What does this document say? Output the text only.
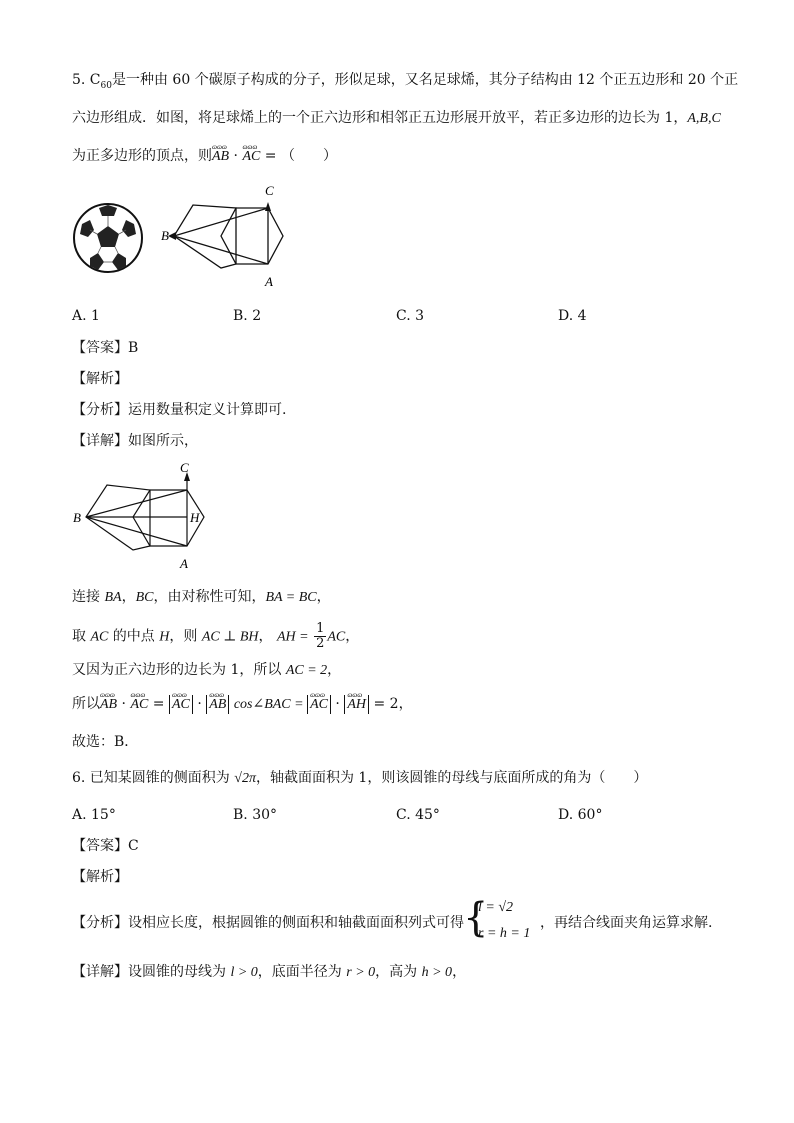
5. $C_{60}$是一种由 60 个碳原子构成的分子，形似足球，又名足球烯，其分子结构由 12 个正五边形和 20 个正
六边形组成．如图，将足球烯上的一个正六边形和相邻正五边形展开放平，若正多边形的边长为 1，A,B,C
为正多边形的顶点，则ɷɷɷ AB · ɷɷɷ AC = （　　）
B
C
A
A. 1	B. 2	C. 3	D. 4
【答案】B
【解析】
【分析】运用数量积定义计算即可.
【详解】如图所示，
B
C
A
H
连接 BA，BC，由对称性可知，BA = BC，
取 AC 的中点 H，则 AC ⊥ BH， AH = $\frac{1}{2}$ AC，
又因为正六边形的边长为 1，所以 AC = 2，
所以ɷɷɷ AB · ɷɷɷ AC = ɷɷɷ AC · ɷɷɷ AB cos∠BAC = ɷɷɷ AC · ɷɷɷ AH = 2，
故选：B．
6. 已知某圆锥的侧面积为 √2π，轴截面面积为 1，则该圆锥的母线与底面所成的角为（　　）
A. 15°	B. 30°	C. 45°	D. 60°
【答案】C
【解析】
【分析】设相应长度，根据圆锥的侧面积和轴截面面积列式可得 {
l = √2
r = h = 1
，再结合线面夹角运算求解.
【详解】设圆锥的母线为 l > 0，底面半径为 r > 0，高为 h > 0，
